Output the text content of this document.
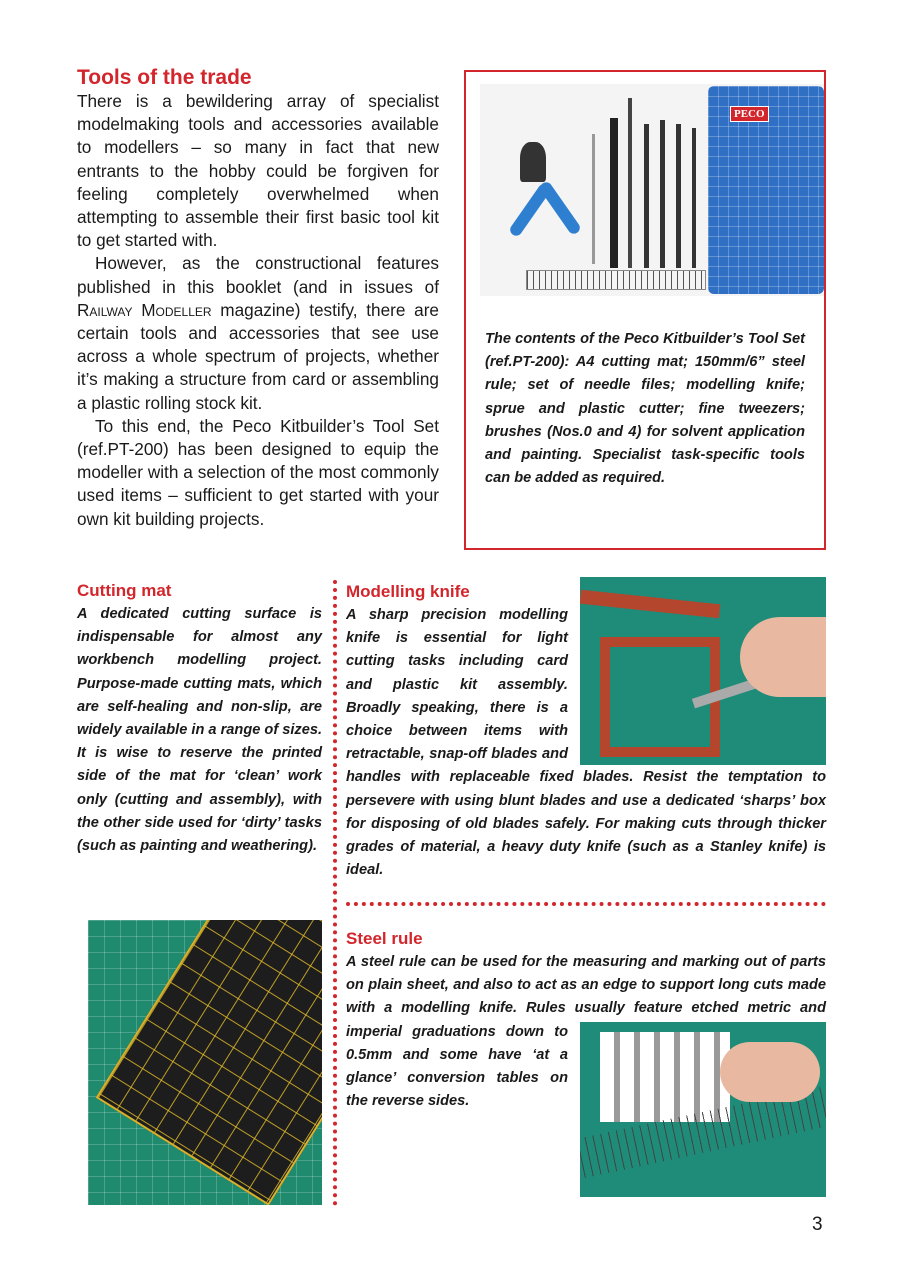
Tools of the trade

There is a bewildering array of specialist modelmaking tools and accessories available to modellers – so many in fact that new entrants to the hobby could be forgiven for feeling completely overwhelmed when attempting to assemble their first basic tool kit to get started with.

However, as the constructional features published in this booklet (and in issues of Railway Modeller magazine) testify, there are certain tools and accessories that see use across a whole spectrum of projects, whether it’s making a structure from card or assembling a plastic rolling stock kit.

To this end, the Peco Kitbuilder’s Tool Set (ref.PT-200) has been designed to equip the modeller with a selection of the most commonly used items – sufficient to get started with your own kit building projects.

PECO

The contents of the Peco Kitbuilder’s Tool Set (ref.PT-200): A4 cutting mat; 150mm/6” steel rule; set of needle files; modelling knife; sprue and plastic cutter; fine tweezers; brushes (Nos.0 and 4) for solvent application and painting. Specialist task-specific tools can be added as required.

Cutting mat

A dedicated cutting surface is indispensable for almost any workbench modelling project. Purpose-made cutting mats, which are self-healing and non-slip, are widely available in a range of sizes. It is wise to reserve the printed side of the mat for ‘clean’ work only (cutting and assembly), with the other side used for ‘dirty’ tasks (such as painting and weathering).

Modelling knife

A sharp precision modelling knife is essential for light cutting tasks including card and plastic kit assembly. Broadly speaking, there is a choice between items with retractable, snap-off blades and handles with replaceable fixed blades. Resist the temptation to persevere with using blunt blades and use a dedicated ‘sharps’ box for disposing of old blades safely. For making cuts through thicker grades of material, a heavy duty knife (such as a Stanley knife) is ideal.

Steel rule

A steel rule can be used for the measuring and marking out of parts on plain sheet, and also to act as an edge to support long cuts made with a modelling knife. Rules usually feature etched metric and imperial graduations down to 0.5mm and some have ‘at a glance’ conversion tables on the reverse sides.

3
